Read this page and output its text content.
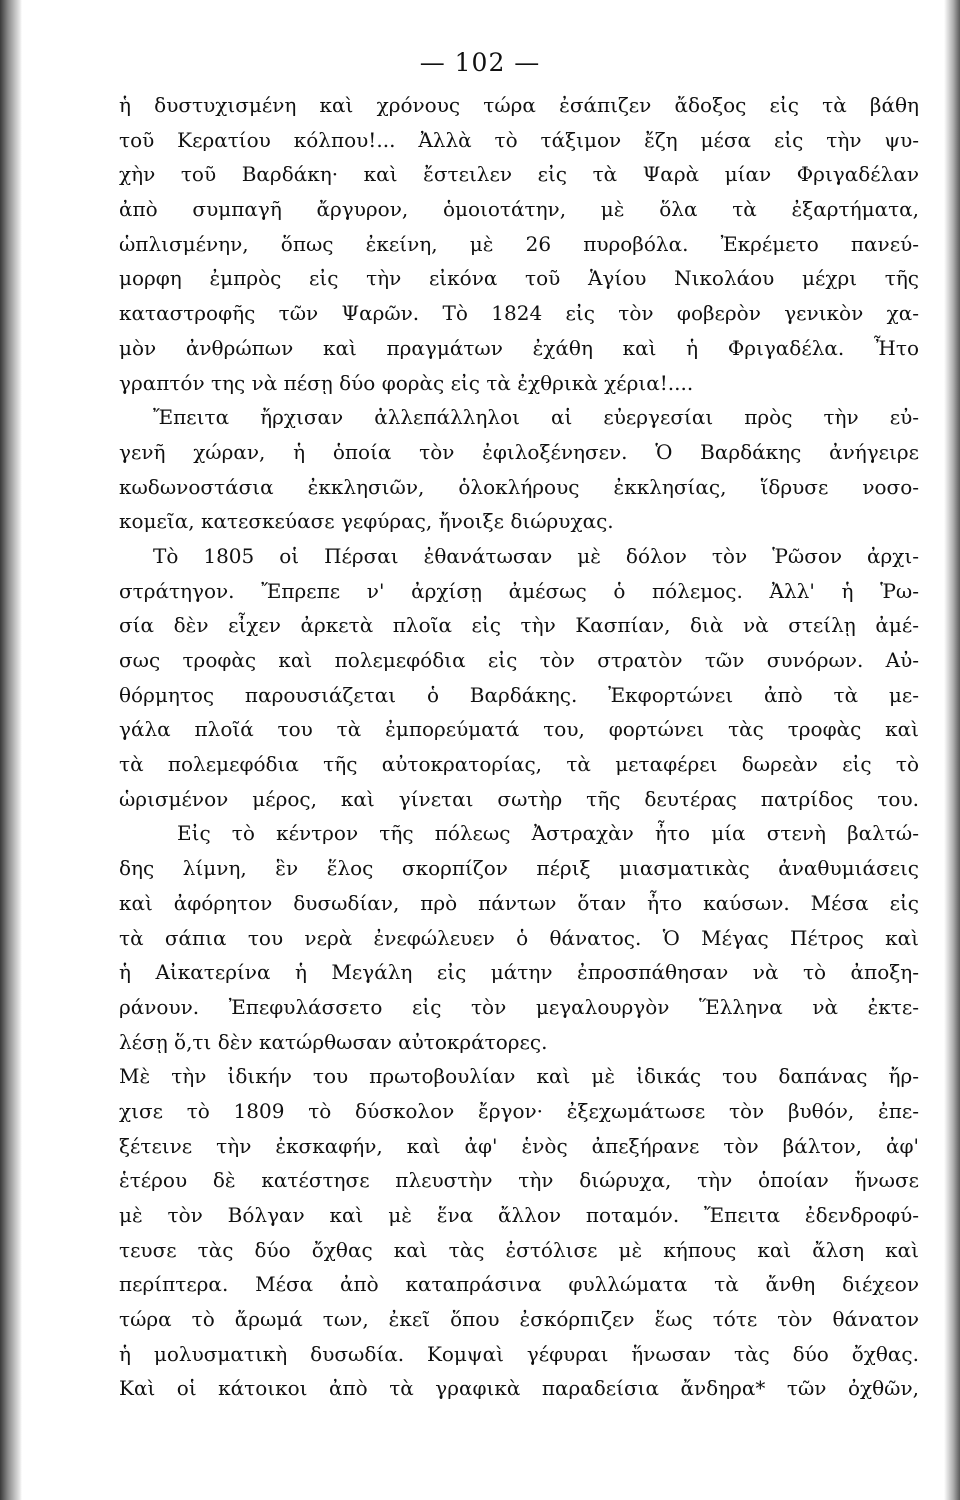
— 102 —
ἡ δυστυχισμένη καὶ χρόνους τώρα ἐσάπιζεν ἄδοξος εἰς τὰ βάθη
τοῦ Κερατίου κόλπου!... Ἀλλὰ τὸ τάξιμον ἔζη μέσα εἰς τὴν ψυ-
χὴν τοῦ Βαρδάκη· καὶ ἔστειλεν εἰς τὰ Ψαρὰ μίαν Φριγαδέλαν
ἀπὸ συμπαγῆ ἄργυρον, ὁμοιοτάτην, μὲ ὅλα τὰ ἐξαρτήματα,
ὡπλισμένην, ὅπως ἐκείνη, μὲ 26 πυροβόλα. Ἐκρέμετο πανεύ-
μορφη ἐμπρὸς εἰς τὴν εἰκόνα τοῦ Ἁγίου Νικολάου μέχρι τῆς
καταστροφῆς τῶν Ψαρῶν. Τὸ 1824 εἰς τὸν φοβερὸν γενικὸν χα-
μὸν ἀνθρώπων καὶ πραγμάτων ἐχάθη καὶ ἡ Φριγαδέλα. Ἦτο
γραπτόν της νὰ πέσῃ δύο φορὰς εἰς τὰ ἐχθρικὰ χέρια!....
Ἔπειτα ἤρχισαν ἀλλεπάλληλοι αἱ εὐεργεσίαι πρὸς τὴν εὐ-
γενῆ χώραν, ἡ ὁποία τὸν ἐφιλοξένησεν. Ὁ Βαρδάκης ἀνήγειρε
κωδωνοστάσια ἐκκλησιῶν, ὁλοκλήρους ἐκκλησίας, ἵδρυσε νοσο-
κομεῖα, κατεσκεύασε γεφύρας, ἤνοιξε διώρυχας.
Τὸ 1805 οἱ Πέρσαι ἐθανάτωσαν μὲ δόλον τὸν Ῥῶσον ἀρχι-
στράτηγον. Ἔπρεπε ν' ἀρχίσῃ ἀμέσως ὁ πόλεμος. Ἀλλ' ἡ Ῥω-
σία δὲν εἶχεν ἀρκετὰ πλοῖα εἰς τὴν Κασπίαν, διὰ νὰ στείλῃ ἀμέ-
σως τροφὰς καὶ πολεμεφόδια εἰς τὸν στρατὸν τῶν συνόρων. Αὐ-
θόρμητος παρουσιάζεται ὁ Βαρδάκης. Ἐκφορτώνει ἀπὸ τὰ με-
γάλα πλοῖά του τὰ ἐμπορεύματά του, φορτώνει τὰς τροφὰς καὶ
τὰ πολεμεφόδια τῆς αὐτοκρατορίας, τὰ μεταφέρει δωρεὰν εἰς τὸ
ὡρισμένον μέρος, καὶ γίνεται σωτὴρ τῆς δευτέρας πατρίδος του.
Εἰς τὸ κέντρον τῆς πόλεως Ἀστραχὰν ἦτο μία στενὴ βαλτώ-
δης λίμνη, ἓν ἕλος σκορπίζον πέριξ μιασματικὰς ἀναθυμιάσεις
καὶ ἀφόρητον δυσωδίαν, πρὸ πάντων ὅταν ἦτο καύσων. Μέσα εἰς
τὰ σάπια του νερὰ ἐνεφώλευεν ὁ θάνατος. Ὁ Μέγας Πέτρος καὶ
ἡ Αἰκατερίνα ἡ Μεγάλη εἰς μάτην ἐπροσπάθησαν νὰ τὸ ἀποξη-
ράνουν. Ἐπεφυλάσσετο εἰς τὸν μεγαλουργὸν Ἕλληνα νὰ ἐκτε-
λέσῃ ὅ,τι δὲν κατώρθωσαν αὐτοκράτορες.
Μὲ τὴν ἰδικήν του πρωτοβουλίαν καὶ μὲ ἰδικάς του δαπάνας ἤρ-
χισε τὸ 1809 τὸ δύσκολον ἔργον· ἐξεχωμάτωσε τὸν βυθόν, ἐπε-
ξέτεινε τὴν ἐκσκαφήν, καὶ ἀφ' ἑνὸς ἀπεξήρανε τὸν βάλτον, ἀφ'
ἑτέρου δὲ κατέστησε πλευστὴν τὴν διώρυχα, τὴν ὁποίαν ἥνωσε
μὲ τὸν Βόλγαν καὶ μὲ ἕνα ἄλλον ποταμόν. Ἔπειτα ἐδενδροφύ-
τευσε τὰς δύο ὄχθας καὶ τὰς ἐστόλισε μὲ κήπους καὶ ἄλση καὶ
περίπτερα. Μέσα ἀπὸ καταπράσινα φυλλώματα τὰ ἄνθη διέχεον
τώρα τὸ ἄρωμά των, ἐκεῖ ὅπου ἐσκόρπιζεν ἕως τότε τὸν θάνατον
ἡ μολυσματικὴ δυσωδία. Κομψαὶ γέφυραι ἥνωσαν τὰς δύο ὄχθας.
Καὶ οἱ κάτοικοι ἀπὸ τὰ γραφικὰ παραδείσια ἄνδηρα* τῶν ὀχθῶν,
